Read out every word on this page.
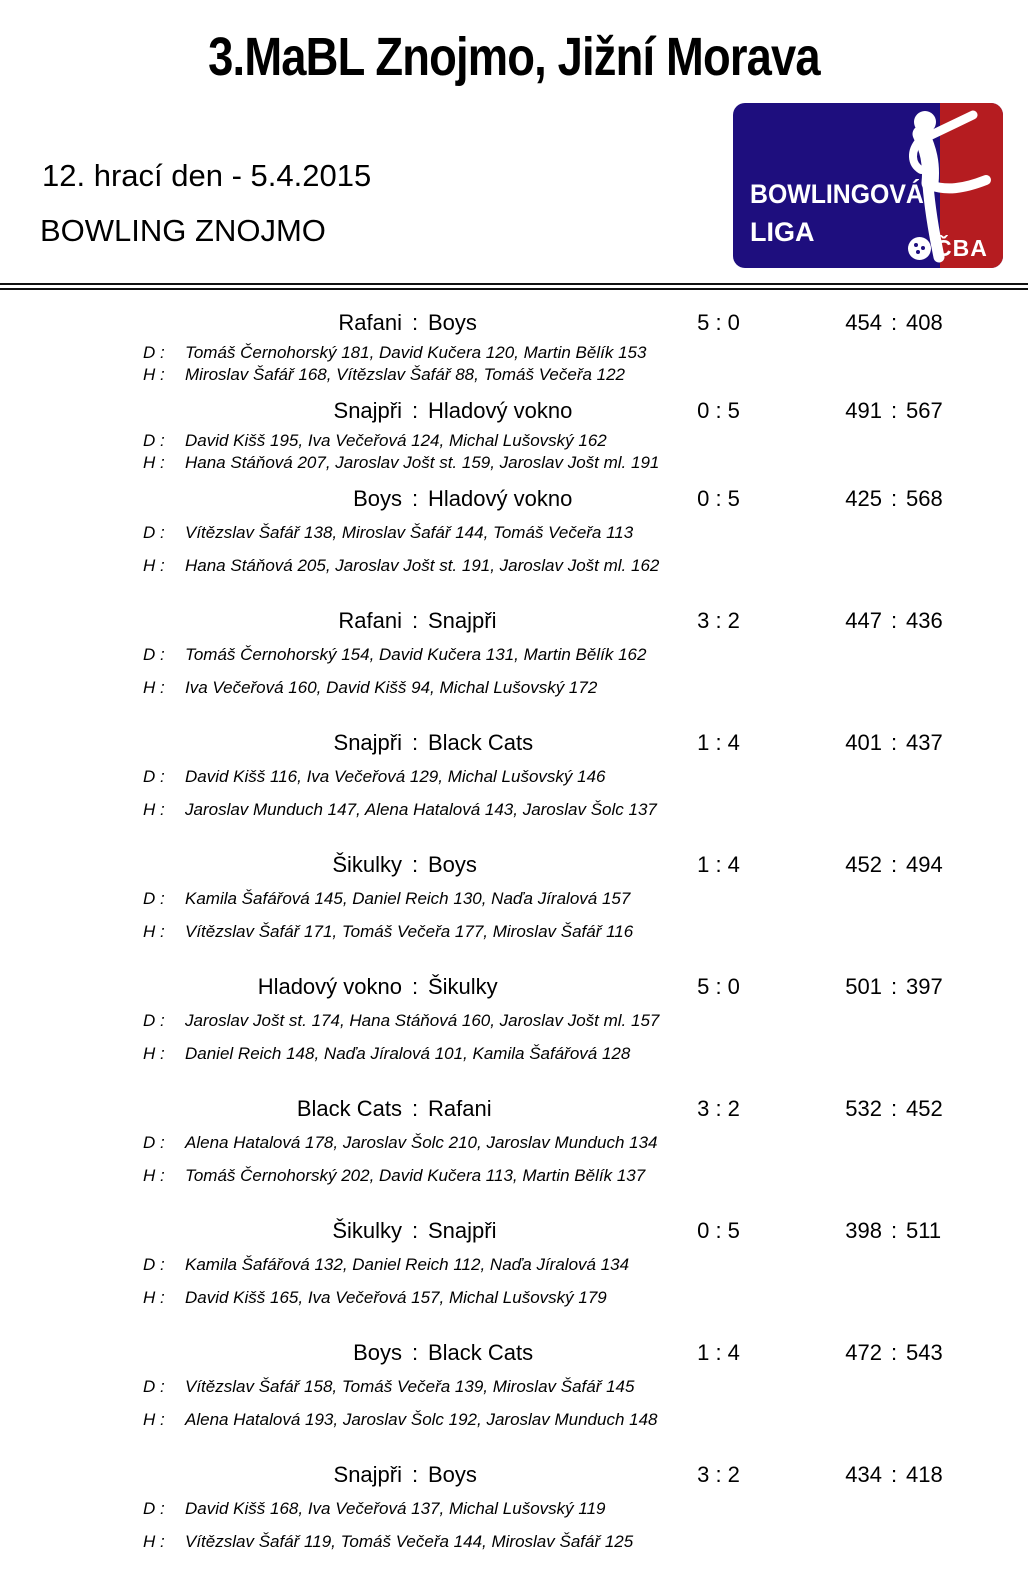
3.MaBL Znojmo, Jižní Morava
12. hrací den - 5.4.2015
BOWLING ZNOJMO
BOWLINGOVÁ
LIGA
ČBA
Rafani : Boys	5 : 0	454 : 408
D :	Tomáš Černohorský 181, David Kučera 120, Martin Bělík 153
H :	Miroslav Šafář 168, Vítězslav Šafář 88, Tomáš Večeřa 122
Snajpři : Hladový vokno	0 : 5	491 : 567
D :	David Kišš 195, Iva Večeřová 124, Michal Lušovský 162
H :	Hana Stáňová 207, Jaroslav Jošt st. 159, Jaroslav Jošt ml. 191
Boys : Hladový vokno	0 : 5	425 : 568
D :	Vítězslav Šafář 138, Miroslav Šafář 144, Tomáš Večeřa 113
H :	Hana Stáňová 205, Jaroslav Jošt st. 191, Jaroslav Jošt ml. 162
Rafani : Snajpři	3 : 2	447 : 436
D :	Tomáš Černohorský 154, David Kučera 131, Martin Bělík 162
H :	Iva Večeřová 160, David Kišš 94, Michal Lušovský 172
Snajpři : Black Cats	1 : 4	401 : 437
D :	David Kišš 116, Iva Večeřová 129, Michal Lušovský 146
H :	Jaroslav Munduch 147, Alena Hatalová 143, Jaroslav Šolc 137
Šikulky : Boys	1 : 4	452 : 494
D :	Kamila Šafářová 145, Daniel Reich 130, Naďa Jíralová 157
H :	Vítězslav Šafář 171, Tomáš Večeřa 177, Miroslav Šafář 116
Hladový vokno : Šikulky	5 : 0	501 : 397
D :	Jaroslav Jošt st. 174, Hana Stáňová 160, Jaroslav Jošt ml. 157
H :	Daniel Reich 148, Naďa Jíralová 101, Kamila Šafářová 128
Black Cats : Rafani	3 : 2	532 : 452
D :	Alena Hatalová 178, Jaroslav Šolc 210, Jaroslav Munduch 134
H :	Tomáš Černohorský 202, David Kučera 113, Martin Bělík 137
Šikulky : Snajpři	0 : 5	398 : 511
D :	Kamila Šafářová 132, Daniel Reich 112, Naďa Jíralová 134
H :	David Kišš 165, Iva Večeřová 157, Michal Lušovský 179
Boys : Black Cats	1 : 4	472 : 543
D :	Vítězslav Šafář 158, Tomáš Večeřa 139, Miroslav Šafář 145
H :	Alena Hatalová 193, Jaroslav Šolc 192, Jaroslav Munduch 148
Snajpři : Boys	3 : 2	434 : 418
D :	David Kišš 168, Iva Večeřová 137, Michal Lušovský 119
H :	Vítězslav Šafář 119, Tomáš Večeřa 144, Miroslav Šafář 125
